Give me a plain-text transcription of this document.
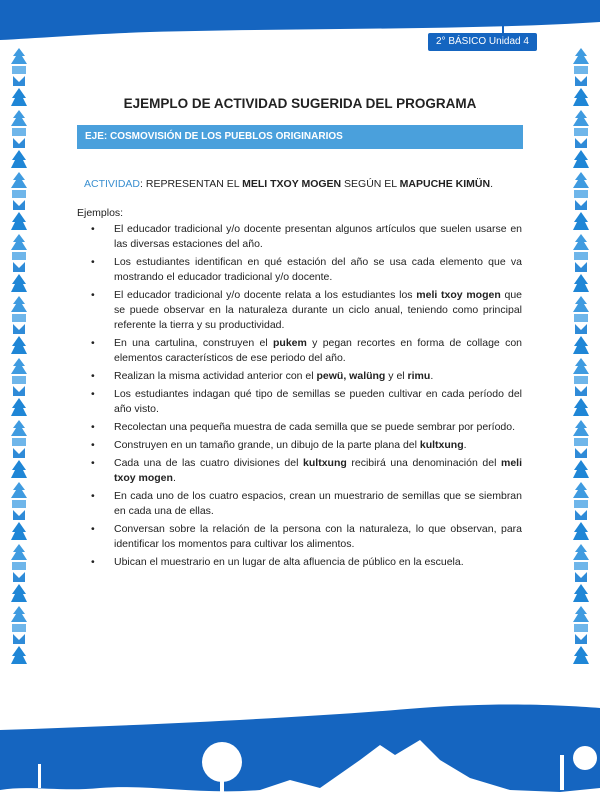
2° BÁSICO Unidad 4
EJEMPLO DE ACTIVIDAD SUGERIDA DEL PROGRAMA
EJE: COSMOVISIÓN DE LOS PUEBLOS ORIGINARIOS
ACTIVIDAD: REPRESENTAN EL MELI TXOY MOGEN SEGÚN EL MAPUCHE KIMÜN.
Ejemplos:
• El educador tradicional y/o docente presentan algunos artículos que suelen usarse en las diversas estaciones del año.
• Los estudiantes identifican en qué estación del año se usa cada elemento que va mostrando el educador tradicional y/o docente.
• El educador tradicional y/o docente relata a los estudiantes los meli txoy mogen que se puede observar en la naturaleza durante un ciclo anual, teniendo como principal referente la tierra y su productividad.
• En una cartulina, construyen el pukem y pegan recortes en forma de collage con elementos característicos de ese periodo del año.
• Realizan la misma actividad anterior con el pewü, walüng y el rimu.
• Los estudiantes indagan qué tipo de semillas se pueden cultivar en cada período del año visto.
• Recolectan una pequeña muestra de cada semilla que se puede sembrar por período.
• Construyen en un tamaño grande, un dibujo de la parte plana del kultxung.
• Cada una de las cuatro divisiones del kultxung recibirá una denominación del meli txoy mogen.
• En cada uno de los cuatro espacios, crean un muestrario de semillas que se siembran en cada una de ellas.
• Conversan sobre la relación de la persona con la naturaleza, lo que observan, para identificar los momentos para cultivar los alimentos.
• Ubican el muestrario en un lugar de alta afluencia de público en la escuela.
